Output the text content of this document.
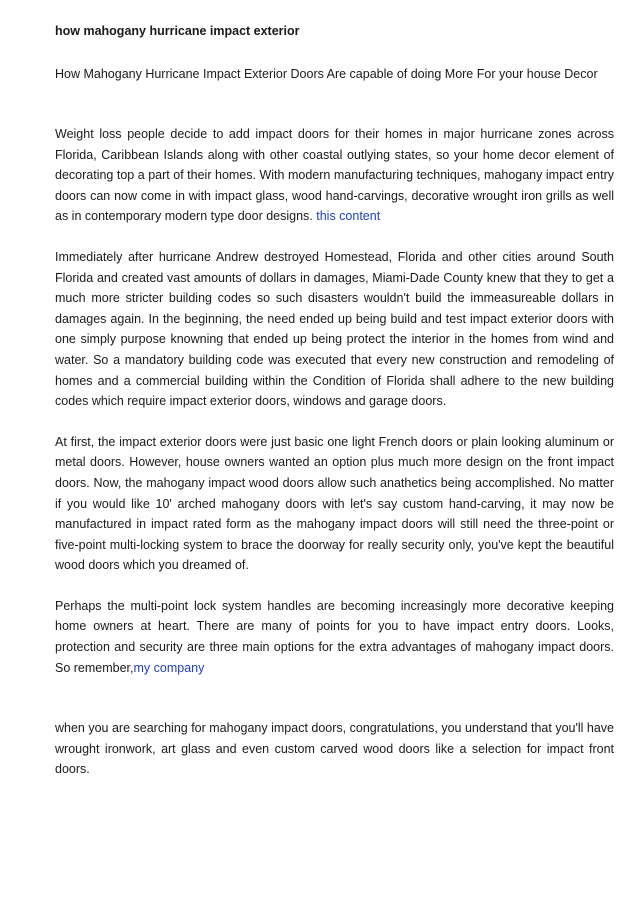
how mahogany hurricane impact exterior
How Mahogany Hurricane Impact Exterior Doors Are capable of doing More For your house Decor

Weight loss people decide to add impact doors for their homes in major hurricane zones across Florida, Caribbean Islands along with other coastal outlying states, so your home decor element of decorating top a part of their homes. With modern manufacturing techniques, mahogany impact entry doors can now come in with impact glass, wood hand-carvings, decorative wrought iron grills as well as in contemporary modern type door designs. this content

Immediately after hurricane Andrew destroyed Homestead, Florida and other cities around South Florida and created vast amounts of dollars in damages, Miami-Dade County knew that they to get a much more stricter building codes so such disasters wouldn't build the immeasureable dollars in damages again. In the beginning, the need ended up being build and test impact exterior doors with one simply purpose knowning that ended up being protect the interior in the homes from wind and water. So a mandatory building code was executed that every new construction and remodeling of homes and a commercial building within the Condition of Florida shall adhere to the new building codes which require impact exterior doors, windows and garage doors.

At first, the impact exterior doors were just basic one light French doors or plain looking aluminum or metal doors. However, house owners wanted an option plus much more design on the front impact doors. Now, the mahogany impact wood doors allow such anathetics being accomplished. No matter if you would like 10' arched mahogany doors with let's say custom hand-carving, it may now be manufactured in impact rated form as the mahogany impact doors will still need the three-point or five-point multi-locking system to brace the doorway for really security only, you've kept the beautiful wood doors which you dreamed of.

Perhaps the multi-point lock system handles are becoming increasingly more decorative keeping home owners at heart. There are many of points for you to have impact entry doors. Looks, protection and security are three main options for the extra advantages of mahogany impact doors. So remember,my company

when you are searching for mahogany impact doors, congratulations, you understand that you'll have wrought ironwork, art glass and even custom carved wood doors like a selection for impact front doors.
